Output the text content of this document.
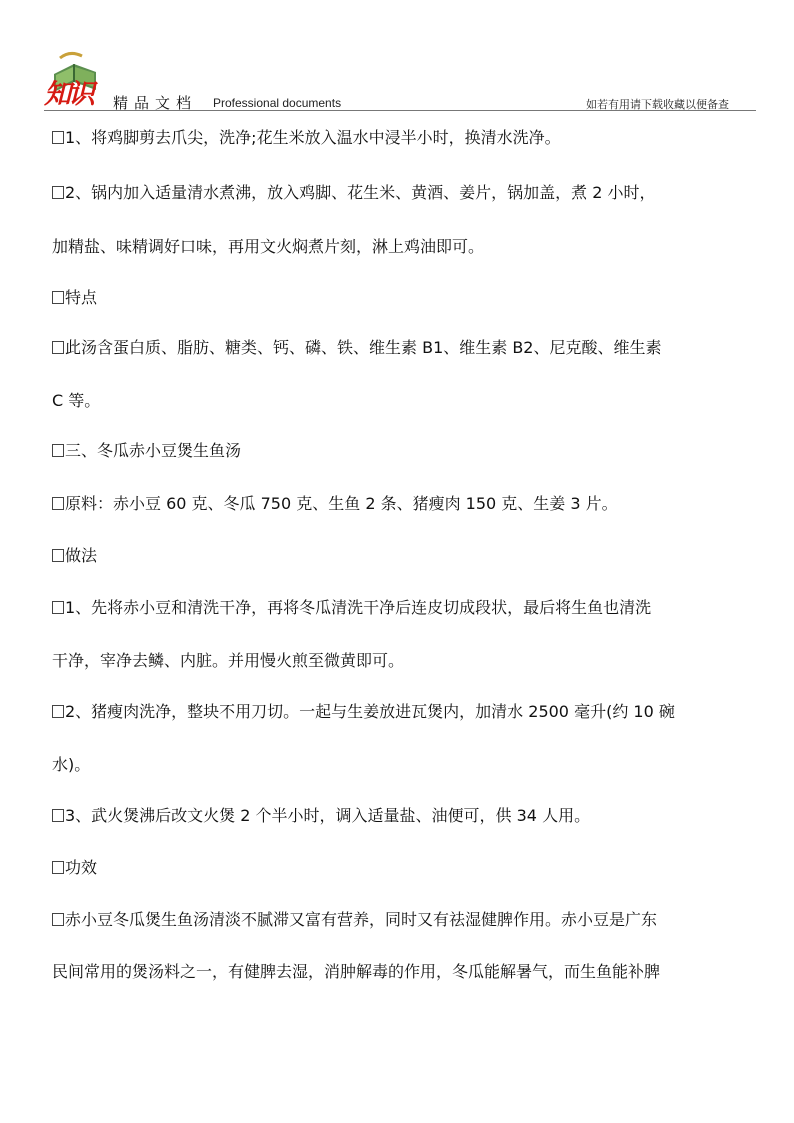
知识 精品文档 Professional documents	如若有用请下载收藏以便备查
1、将鸡脚剪去爪尖，洗净;花生米放入温水中浸半小时，换清水洗净。
2、锅内加入适量清水煮沸，放入鸡脚、花生米、黄酒、姜片，锅加盖，煮 2 小时，
加精盐、味精调好口味，再用文火焖煮片刻，淋上鸡油即可。
特点
此汤含蛋白质、脂肪、糖类、钙、磷、铁、维生素 B1、维生素 B2、尼克酸、维生素
C 等。
三、冬瓜赤小豆煲生鱼汤
原料：赤小豆 60 克、冬瓜 750 克、生鱼 2 条、猪瘦肉 150 克、生姜 3 片。
做法
1、先将赤小豆和清洗干净，再将冬瓜清洗干净后连皮切成段状，最后将生鱼也清洗
干净，宰净去鳞、内脏。并用慢火煎至微黄即可。
2、猪瘦肉洗净，整块不用刀切。一起与生姜放进瓦煲内，加清水 2500 毫升(约 10 碗
水)。
3、武火煲沸后改文火煲 2 个半小时，调入适量盐、油便可，供 34 人用。
功效
赤小豆冬瓜煲生鱼汤清淡不腻滞又富有营养，同时又有祛湿健脾作用。赤小豆是广东
民间常用的煲汤料之一，有健脾去湿，消肿解毒的作用，冬瓜能解暑气，而生鱼能补脾
